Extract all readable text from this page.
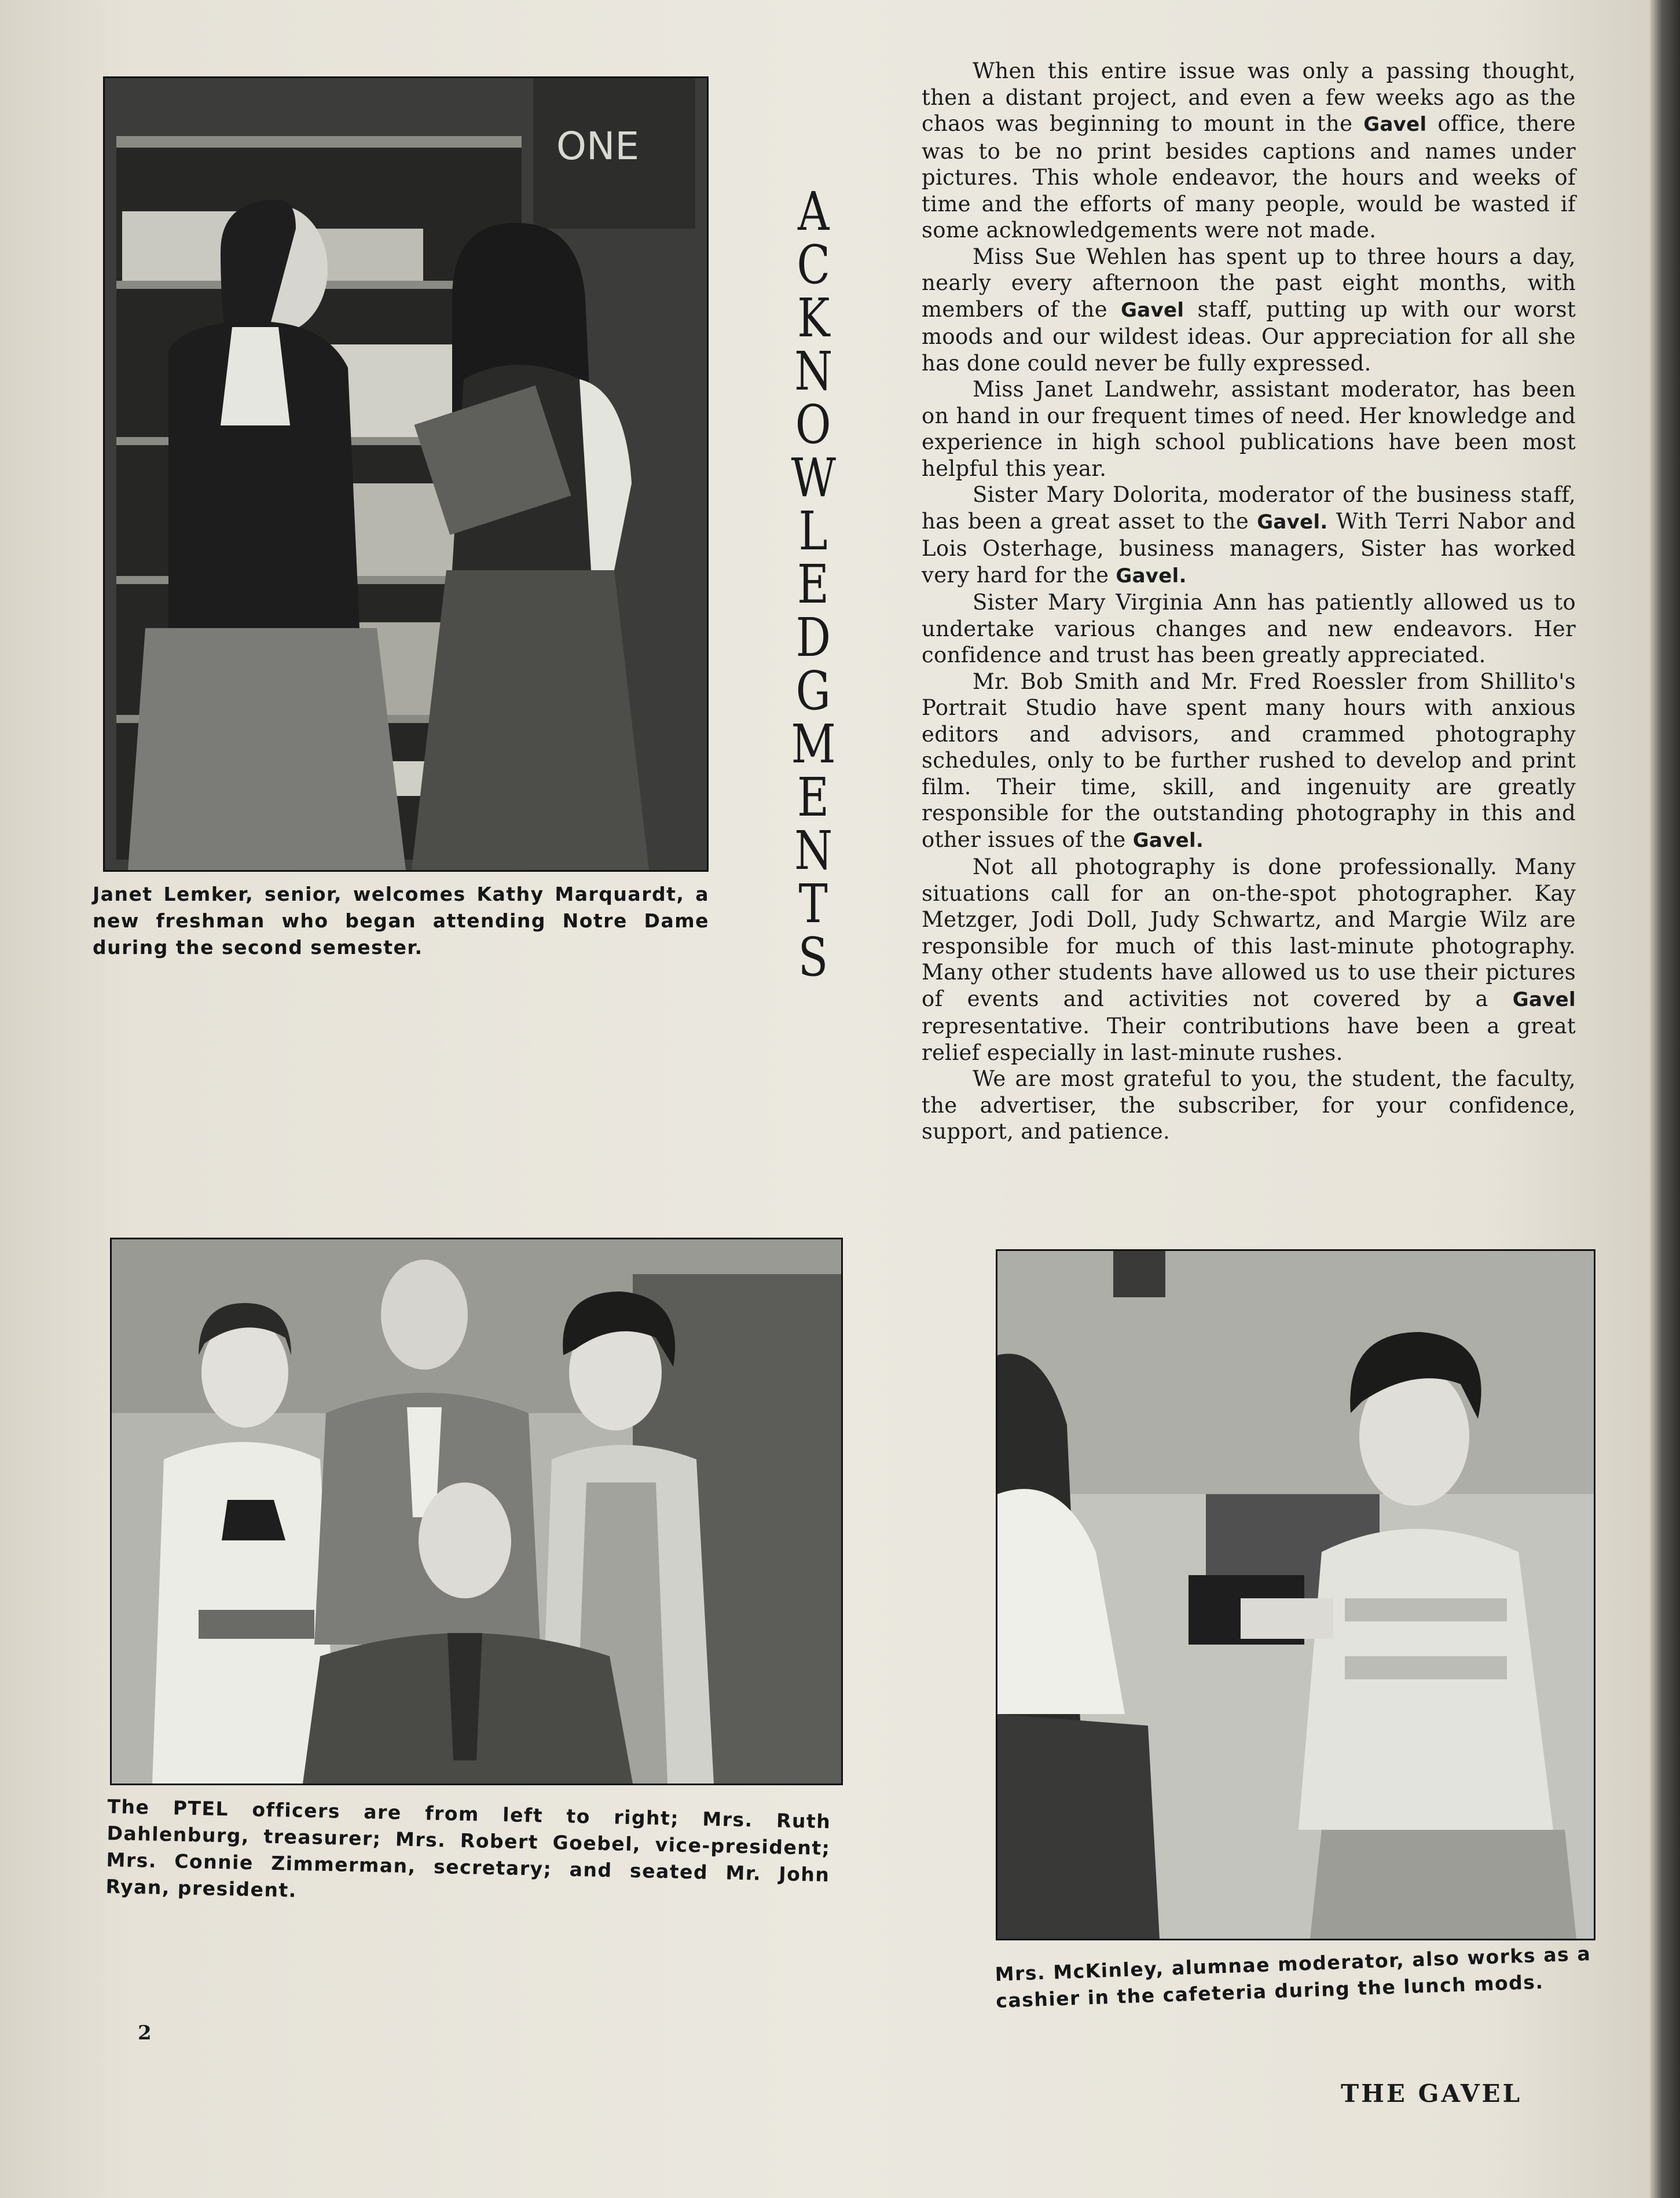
ONE
Janet Lemker, senior, welcomes Kathy Marquardt, a new freshman who began attending Notre Dame during the second semester.
A
C
K
N
O
W
L
E
D
G
M
E
N
T
S

When this entire issue was only a passing thought, then a distant project, and even a few weeks ago as the chaos was beginning to mount in the Gavel office, there was to be no print besides captions and names under pictures. This whole endeavor, the hours and weeks of time and the efforts of many people, would be wasted if some acknowledgements were not made.

Miss Sue Wehlen has spent up to three hours a day, nearly every afternoon the past eight months, with members of the Gavel staff, putting up with our worst moods and our wildest ideas. Our appreciation for all she has done could never be fully expressed.

Miss Janet Landwehr, assistant moderator, has been on hand in our frequent times of need. Her knowledge and experience in high school publications have been most helpful this year.

Sister Mary Dolorita, moderator of the business staff, has been a great asset to the Gavel. With Terri Nabor and Lois Osterhage, business managers, Sister has worked very hard for the Gavel.

Sister Mary Virginia Ann has patiently allowed us to undertake various changes and new endeavors. Her confidence and trust has been greatly appreciated.

Mr. Bob Smith and Mr. Fred Roessler from Shillito's Portrait Studio have spent many hours with anxious editors and advisors, and crammed photography schedules, only to be further rushed to develop and print film. Their time, skill, and ingenuity are greatly responsible for the outstanding photography in this and other issues of the Gavel.

Not all photography is done professionally. Many situations call for an on-the-spot photographer. Kay Metzger, Jodi Doll, Judy Schwartz, and Margie Wilz are responsible for much of this last-minute photography. Many other students have allowed us to use their pictures of events and activities not covered by a Gavel representative. Their contributions have been a great relief especially in last-minute rushes.

We are most grateful to you, the student, the faculty, the advertiser, the subscriber, for your confidence, support, and patience.

The PTEL officers are from left to right; Mrs. Ruth Dahlenburg, treasurer; Mrs. Robert Goebel, vice-president; Mrs. Connie Zimmerman, secretary; and seated Mr. John Ryan, president.
Mrs. McKinley, alumnae moderator, also works as a cashier in the cafeteria during the lunch mods.
2
THE GAVEL
